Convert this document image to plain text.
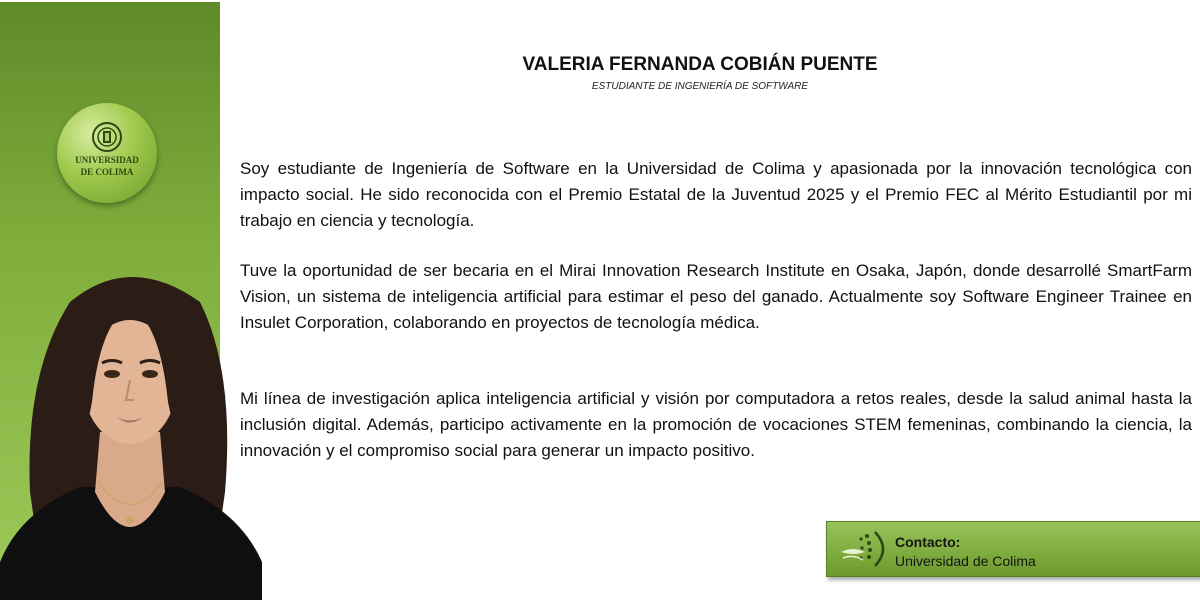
UNIVERSIDAD
DE COLIMA
VALERIA FERNANDA COBIÁN PUENTE
ESTUDIANTE DE INGENIERÍA DE SOFTWARE
Soy estudiante de Ingeniería de Software en la Universidad de Colima y apasionada por la innovación tecnológica con impacto social. He sido reconocida con el Premio Estatal de la Juventud 2025 y el Premio FEC al Mérito Estudiantil por mi trabajo en ciencia y tecnología.
Tuve la oportunidad de ser becaria en el Mirai Innovation Research Institute en Osaka, Japón, donde desarrollé SmartFarm Vision, un sistema de inteligencia artificial para estimar el peso del ganado. Actualmente soy Software Engineer Trainee en Insulet Corporation, colaborando en proyectos de tecnología médica.
Mi línea de investigación aplica inteligencia artificial y visión por computadora a retos reales, desde la salud animal hasta la inclusión digital. Además, participo activamente en la promoción de vocaciones STEM femeninas, combinando la ciencia, la innovación y el compromiso social para generar un impacto positivo.
Contacto:
Universidad de Colima
